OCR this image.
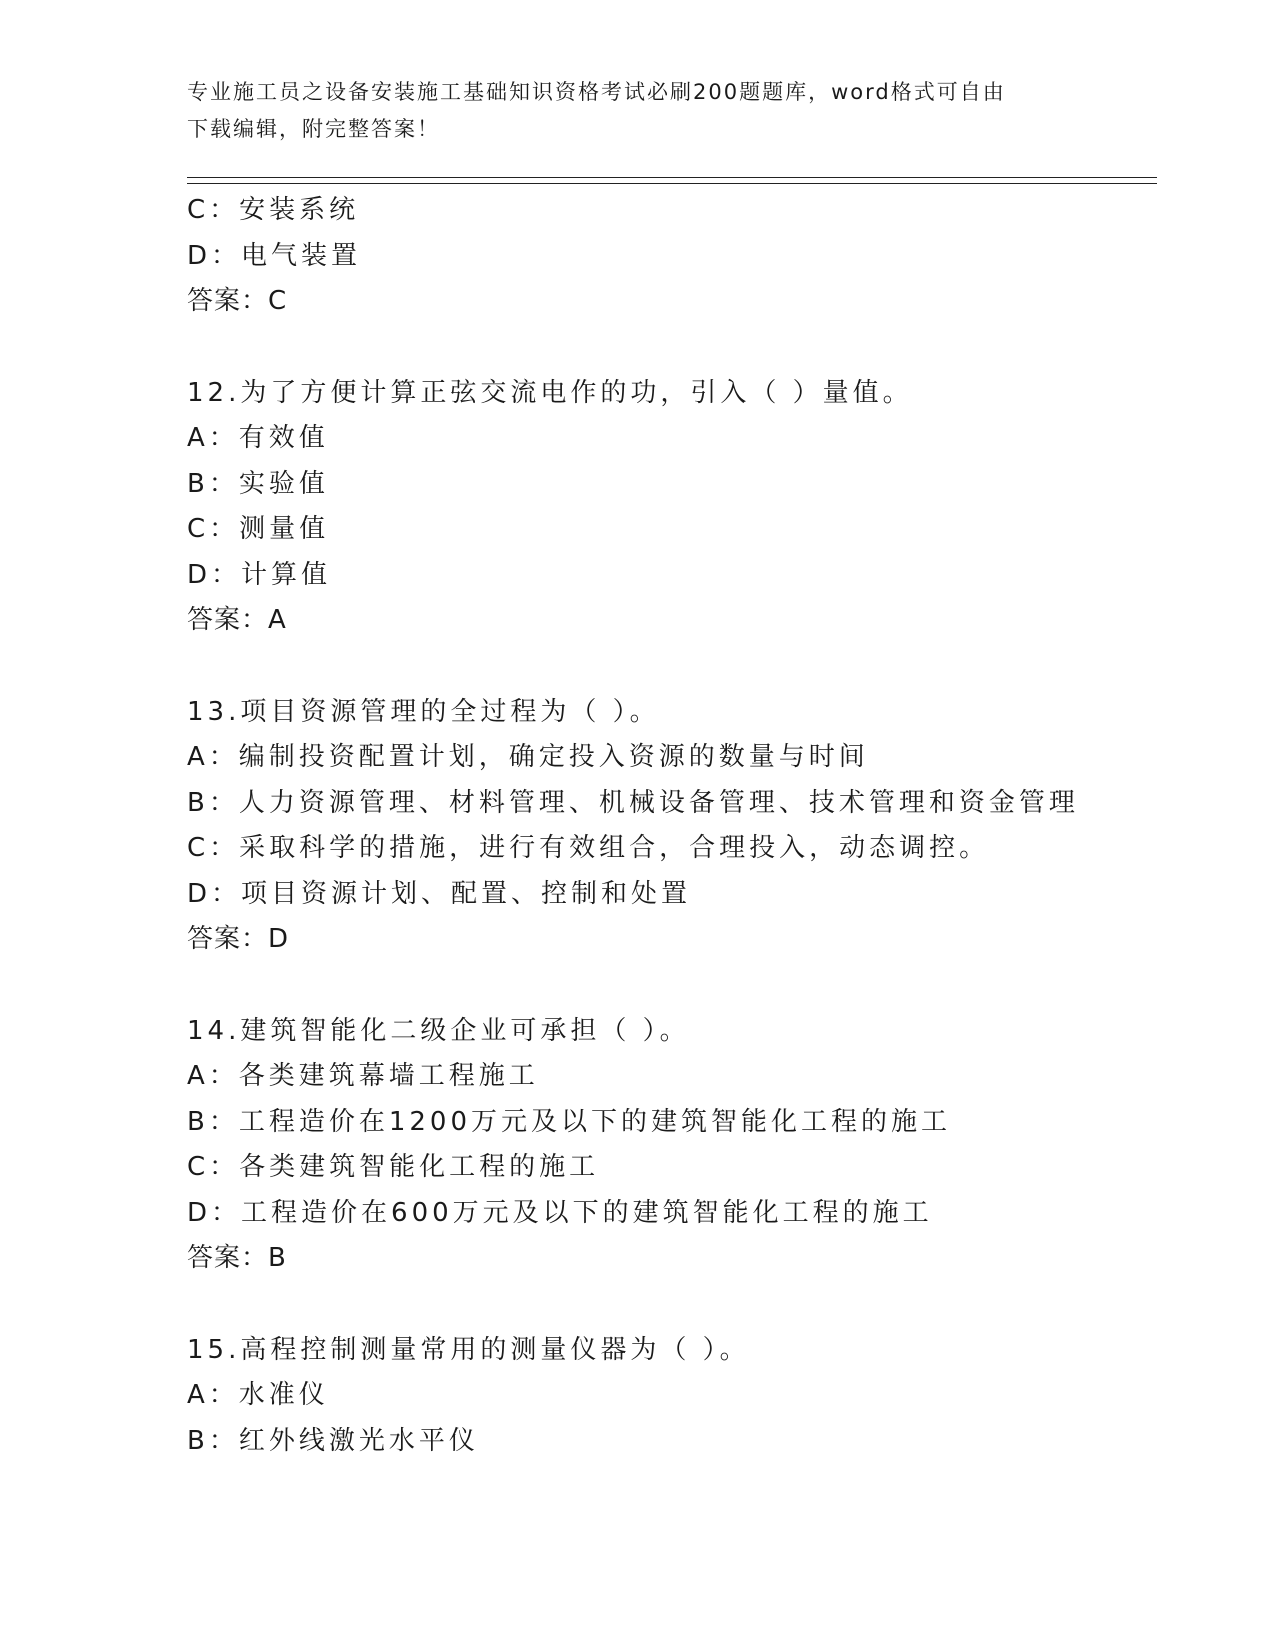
专业施工员之设备安装施工基础知识资格考试必刷200题题库，word格式可自由
下载编辑，附完整答案！
C：安装系统
D：电气装置
答案：C
12.为了方便计算正弦交流电作的功，引入（ ）量值。
A：有效值
B：实验值
C：测量值
D：计算值
答案：A
13.项目资源管理的全过程为（ ）。
A：编制投资配置计划，确定投入资源的数量与时间
B：人力资源管理、材料管理、机械设备管理、技术管理和资金管理
C：采取科学的措施，进行有效组合，合理投入，动态调控。
D：项目资源计划、配置、控制和处置
答案：D
14.建筑智能化二级企业可承担（ ）。
A：各类建筑幕墙工程施工
B：工程造价在1200万元及以下的建筑智能化工程的施工
C：各类建筑智能化工程的施工
D：工程造价在600万元及以下的建筑智能化工程的施工
答案：B
15.高程控制测量常用的测量仪器为（ ）。
A：水准仪
B：红外线激光水平仪
